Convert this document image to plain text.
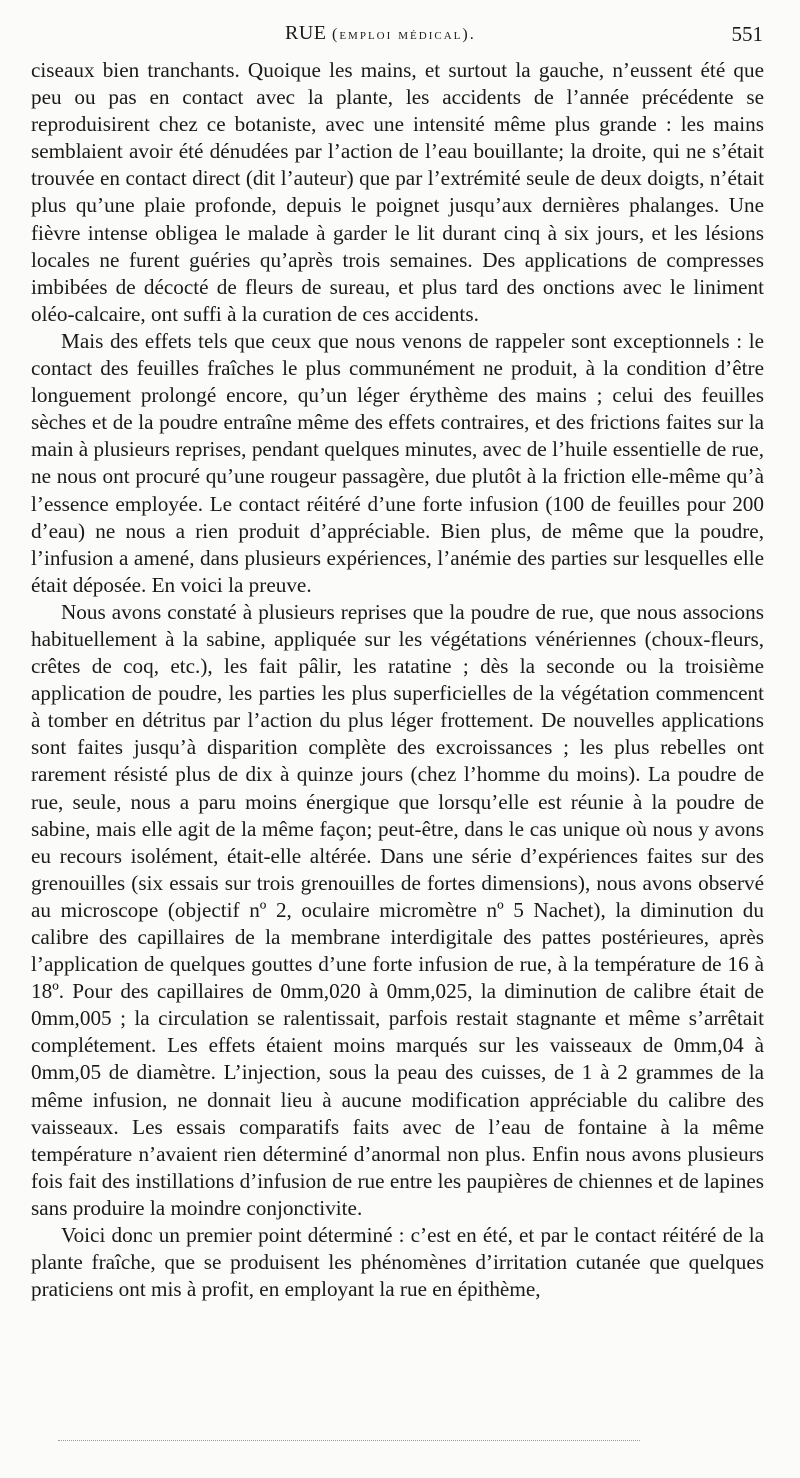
RUE (emploi médical).	551

ciseaux bien tranchants. Quoique les mains, et surtout la gauche, n’eussent été que peu ou pas en contact avec la plante, les accidents de l’année précédente se reproduisirent chez ce botaniste, avec une intensité même plus grande : les mains semblaient avoir été dénudées par l’action de l’eau bouillante; la droite, qui ne s’était trouvée en contact direct (dit l’auteur) que par l’extrémité seule de deux doigts, n’était plus qu’une plaie profonde, depuis le poignet jusqu’aux dernières phalanges. Une fièvre intense obligea le malade à garder le lit durant cinq à six jours, et les lésions locales ne furent guéries qu’après trois semaines. Des applications de compresses imbibées de décocté de fleurs de sureau, et plus tard des onctions avec le liniment oléo-calcaire, ont suffi à la curation de ces accidents.

Mais des effets tels que ceux que nous venons de rappeler sont exceptionnels : le contact des feuilles fraîches le plus communément ne produit, à la condition d’être longuement prolongé encore, qu’un léger érythème des mains ; celui des feuilles sèches et de la poudre entraîne même des effets contraires, et des frictions faites sur la main à plusieurs reprises, pendant quelques minutes, avec de l’huile essentielle de rue, ne nous ont procuré qu’une rougeur passagère, due plutôt à la friction elle-même qu’à l’essence employée. Le contact réitéré d’une forte infusion (100 de feuilles pour 200 d’eau) ne nous a rien produit d’appréciable. Bien plus, de même que la poudre, l’infusion a amené, dans plusieurs expériences, l’anémie des parties sur lesquelles elle était déposée. En voici la preuve.

Nous avons constaté à plusieurs reprises que la poudre de rue, que nous associons habituellement à la sabine, appliquée sur les végétations vénériennes (choux-fleurs, crêtes de coq, etc.), les fait pâlir, les ratatine ; dès la seconde ou la troisième application de poudre, les parties les plus superficielles de la végétation commencent à tomber en détritus par l’action du plus léger frottement. De nouvelles applications sont faites jusqu’à disparition complète des excroissances ; les plus rebelles ont rarement résisté plus de dix à quinze jours (chez l’homme du moins). La poudre de rue, seule, nous a paru moins énergique que lorsqu’elle est réunie à la poudre de sabine, mais elle agit de la même façon; peut-être, dans le cas unique où nous y avons eu recours isolément, était-elle altérée. Dans une série d’expériences faites sur des grenouilles (six essais sur trois grenouilles de fortes dimensions), nous avons observé au microscope (objectif nº 2, oculaire micromètre nº 5 Nachet), la diminution du calibre des capillaires de la membrane interdigitale des pattes postérieures, après l’application de quelques gouttes d’une forte infusion de rue, à la température de 16 à 18º. Pour des capillaires de 0mm,020 à 0mm,025, la diminution de calibre était de 0mm,005 ; la circulation se ralentissait, parfois restait stagnante et même s’arrêtait complétement. Les effets étaient moins marqués sur les vaisseaux de 0mm,04 à 0mm,05 de diamètre. L’injection, sous la peau des cuisses, de 1 à 2 grammes de la même infusion, ne donnait lieu à aucune modification appréciable du calibre des vaisseaux. Les essais comparatifs faits avec de l’eau de fontaine à la même température n’avaient rien déterminé d’anormal non plus. Enfin nous avons plusieurs fois fait des instillations d’infusion de rue entre les paupières de chiennes et de lapines sans produire la moindre conjonctivite.

Voici donc un premier point déterminé : c’est en été, et par le contact réitéré de la plante fraîche, que se produisent les phénomènes d’irritation cutanée que quelques praticiens ont mis à profit, en employant la rue en épithème,
